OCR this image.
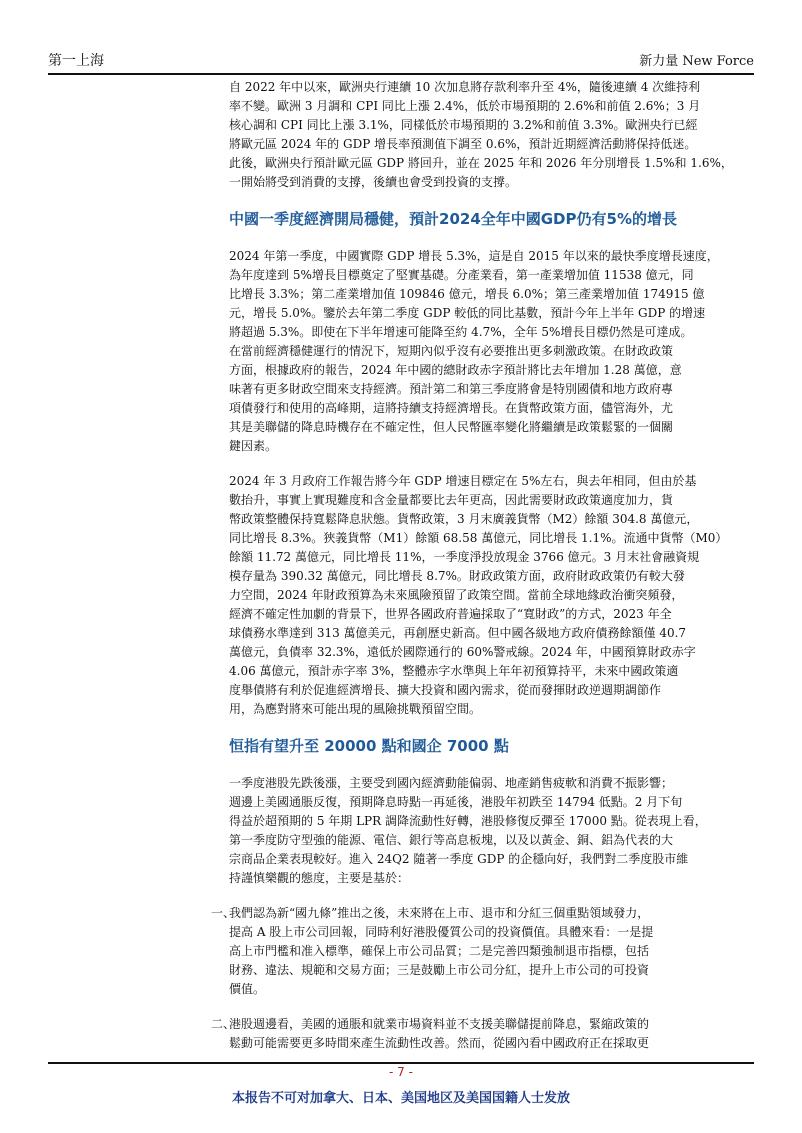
第一上海	新力量 New Force

自 2022 年中以來，歐洲央行連續 10 次加息將存款利率升至 4%，隨後連續 4 次維持利
率不變。歐洲 3 月調和 CPI 同比上漲 2.4%，低於市場預期的 2.6%和前值 2.6%；3 月
核心調和 CPI 同比上漲 3.1%，同樣低於市場預期的 3.2%和前值 3.3%。歐洲央行已經
將歐元區 2024 年的 GDP 增長率預測值下調至 0.6%，預計近期經濟活動將保持低迷。
此後，歐洲央行預計歐元區 GDP 將回升，並在 2025 年和 2026 年分別增長 1.5%和 1.6%，
一開始將受到消費的支撐，後續也會受到投資的支撐。

中國一季度經濟開局穩健，預計2024全年中國GDP仍有5%的增長

2024 年第一季度，中國實際 GDP 增長 5.3%，這是自 2015 年以來的最快季度增長速度，
為年度達到 5%增長目標奠定了堅實基礎。分產業看，第一產業增加值 11538 億元，同
比增長 3.3%；第二產業增加值 109846 億元，增長 6.0%；第三產業增加值 174915 億
元，增長 5.0%。鑒於去年第二季度 GDP 較低的同比基數，預計今年上半年 GDP 的增速
將超過 5.3%。即使在下半年增速可能降至約 4.7%，全年 5%增長目標仍然是可達成。
在當前經濟穩健運行的情況下，短期內似乎沒有必要推出更多刺激政策。在財政政策
方面，根據政府的報告，2024 年中國的總財政赤字預計將比去年增加 1.28 萬億，意
味著有更多財政空間來支持經濟。預計第二和第三季度將會是特別國債和地方政府專
項債發行和使用的高峰期，這將持續支持經濟增長。在貨幣政策方面，儘管海外，尤
其是美聯儲的降息時機存在不確定性，但人民幣匯率變化將繼續是政策鬆緊的一個關
鍵因素。

2024 年 3 月政府工作報告將今年 GDP 增速目標定在 5%左右，與去年相同，但由於基
數抬升，事實上實現難度和含金量都要比去年更高，因此需要財政政策適度加力，貨
幣政策整體保持寬鬆降息狀態。貨幣政策，3 月末廣義貨幣（M2）餘額 304.8 萬億元，
同比增長 8.3%。狹義貨幣（M1）餘額 68.58 萬億元，同比增長 1.1%。流通中貨幣（M0）
餘額 11.72 萬億元，同比增長 11%，一季度淨投放現金 3766 億元。3 月末社會融資規
模存量為 390.32 萬億元，同比增長 8.7%。財政政策方面，政府財政政策仍有較大發
力空間，2024 年財政預算為未來風險預留了政策空間。當前全球地緣政治衝突頻發，
經濟不確定性加劇的背景下，世界各國政府普遍採取了“寬財政”的方式，2023 年全
球債務水準達到 313 萬億美元，再創歷史新高。但中國各級地方政府債務餘額僅 40.7
萬億元，負債率 32.3%，遠低於國際通行的 60%警戒線。2024 年，中國預算財政赤字
4.06 萬億元，預計赤字率 3%，整體赤字水準與上年年初預算持平，未來中國政策適
度舉債將有利於促進經濟增長、擴大投資和國內需求，從而發揮財政逆週期調節作
用，為應對將來可能出現的風險挑戰預留空間。

恒指有望升至 20000 點和國企 7000 點

一季度港股先跌後漲，主要受到國內經濟動能偏弱、地產銷售疲軟和消費不振影響；
週邊上美國通脹反復，預期降息時點一再延後，港股年初跌至 14794 低點。2 月下旬
得益於超預期的 5 年期 LPR 調降流動性好轉，港股修復反彈至 17000 點。從表現上看，
第一季度防守型強的能源、電信、銀行等高息板塊，以及以黃金、銅、鋁為代表的大
宗商品企業表現較好。進入 24Q2 隨著一季度 GDP 的企穩向好，我們對二季度股市維
持謹慎樂觀的態度，主要是基於：

一、
我們認為新“國九條”推出之後，未來將在上市、退市和分紅三個重點領域發力，
提高 A 股上市公司回報，同時利好港股優質公司的投資價值。具體來看：一是提
高上市門檻和准入標準，確保上市公司品質；二是完善四類強制退市指標，包括
財務、違法、規範和交易方面；三是鼓勵上市公司分紅，提升上市公司的可投資
價值。
二、
港股週邊看，美國的通脹和就業市場資料並不支援美聯儲提前降息，緊縮政策的
鬆動可能需要更多時間來產生流動性改善。然而，從國內看中國政府正在採取更
- 7 -
本报告不可对加拿大、日本、美国地区及美国国籍人士发放
